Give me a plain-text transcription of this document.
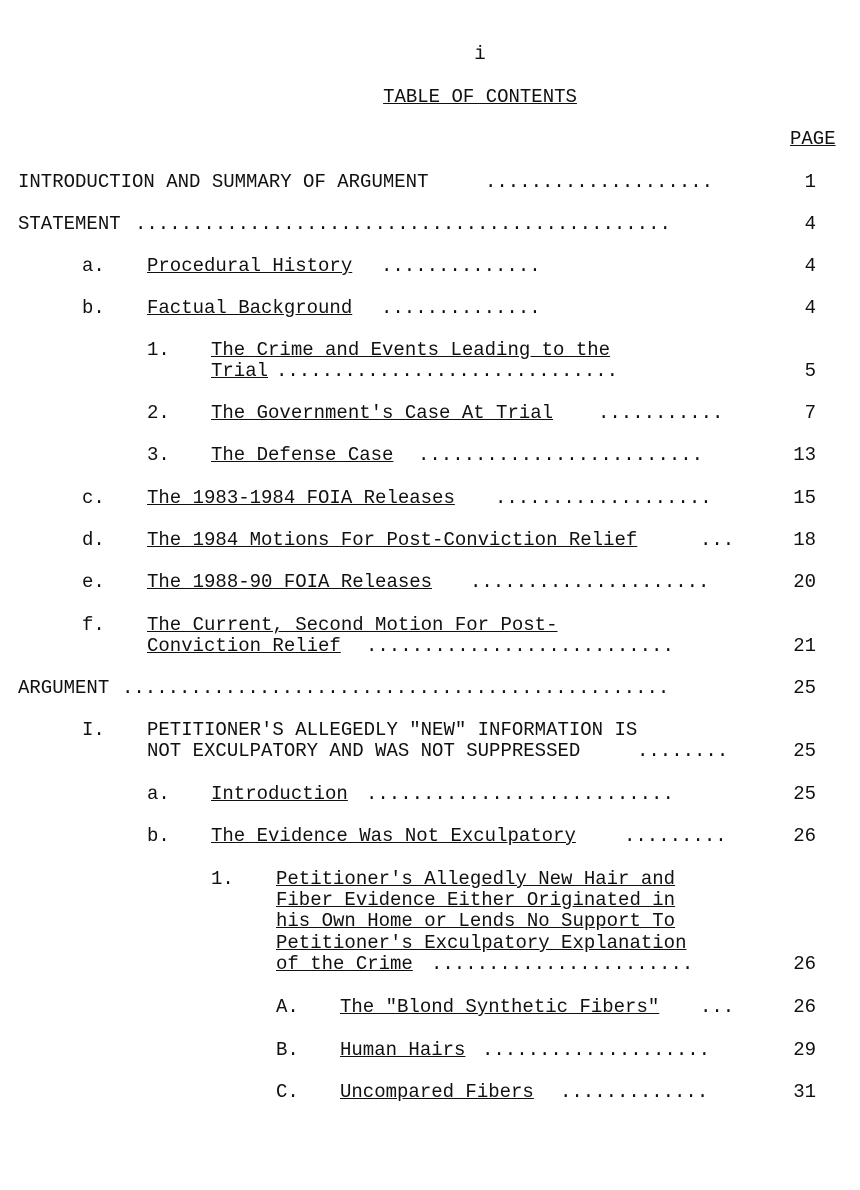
i
TABLE OF CONTENTS
PAGE
INTRODUCTION AND SUMMARY OF ARGUMENT	....................	1
STATEMENT ...............................................	4
a. Procedural History ..............	4
b. Factual Background ..............	4
1. The Crime and Events Leading to the
Trial ..............................	5
2. The Government's Case At Trial ...........	7
3. The Defense Case .........................	13
c. The 1983-1984 FOIA Releases ...................	15
d. The 1984 Motions For Post-Conviction Relief	...	18
e. The 1988-90 FOIA Releases .....................	20
f. The Current, Second Motion For Post-
Conviction Relief ...........................	21
ARGUMENT ................................................	25
I. PETITIONER'S ALLEGEDLY "NEW" INFORMATION IS
NOT EXCULPATORY AND WAS NOT SUPPRESSED	........	25
a. Introduction ...........................	25
b. The Evidence Was Not Exculpatory	.........	26
1. Petitioner's Allegedly New Hair and
Fiber Evidence Either Originated in
his Own Home or Lends No Support To
Petitioner's Exculpatory Explanation
of the Crime .......................	26
A. The "Blond Synthetic Fibers" ...	26
B. Human Hairs ....................	29
C. Uncompared Fibers .............	31
